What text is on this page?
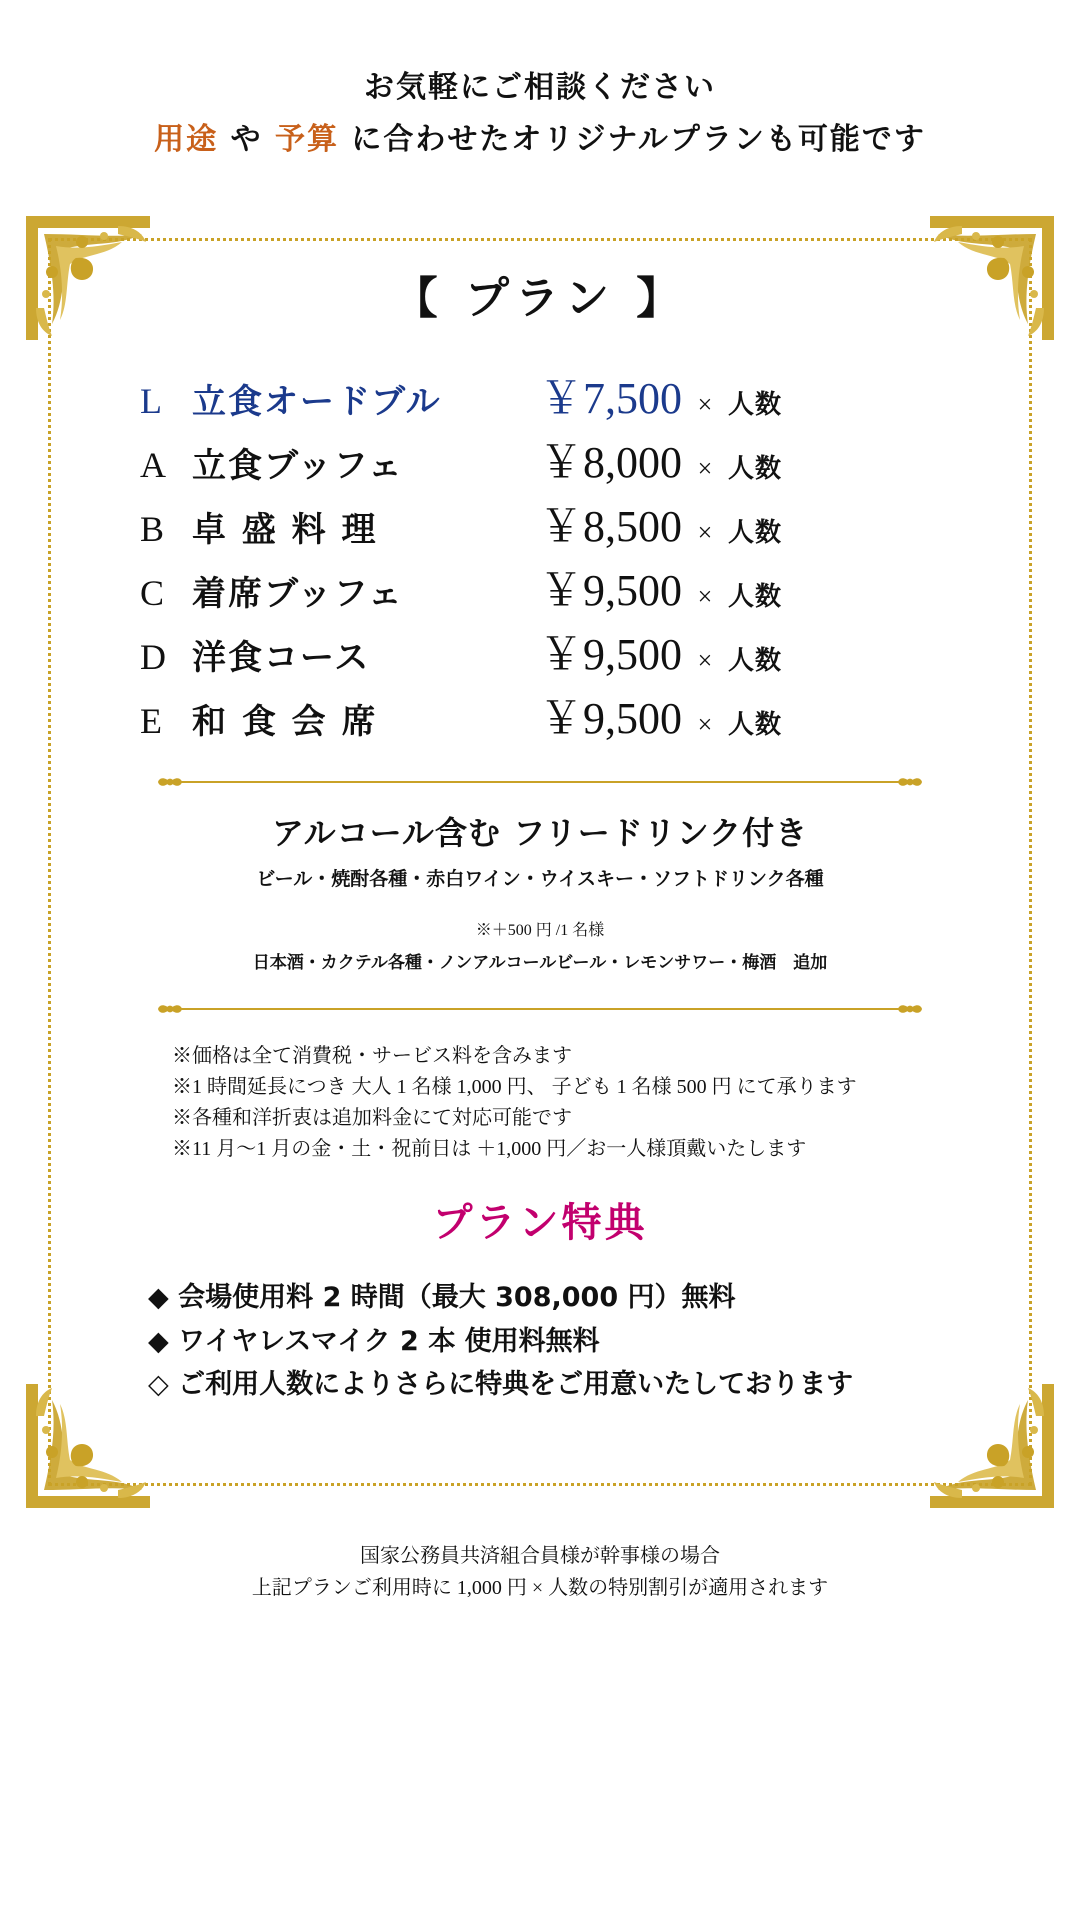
お気軽にご相談ください
用途 や 予算 に合わせたオリジナルプランも可能です
【 プラン 】
L 立食オードブル	￥7,500 × 人数
A 立食ブッフェ	￥8,000 × 人数
B 卓 盛 料 理	￥8,500 × 人数
C 着席ブッフェ	￥9,500 × 人数
D 洋食コース	￥9,500 × 人数
E 和 食 会 席	￥9,500 × 人数
アルコール含む フリードリンク付き
ビール・焼酎各種・赤白ワイン・ウイスキー・ソフトドリンク各種
※＋500 円 /1 名様
日本酒・カクテル各種・ノンアルコールビール・レモンサワー・梅酒　追加
※価格は全て消費税・サービス料を含みます
※1 時間延長につき 大人 1 名様 1,000 円、 子ども 1 名様 500 円 にて承ります
※各種和洋折衷は追加料金にて対応可能です
※11 月～1 月の金・土・祝前日は ＋1,000 円／お一人様頂戴いたします
プラン特典
◆ 会場使用料 2 時間（最大 308,000 円）無料
◆ ワイヤレスマイク 2 本 使用料無料
◇ ご利用人数によりさらに特典をご用意いたしております
国家公務員共済組合員様が幹事様の場合
上記プランご利用時に 1,000 円 × 人数の特別割引が適用されます
